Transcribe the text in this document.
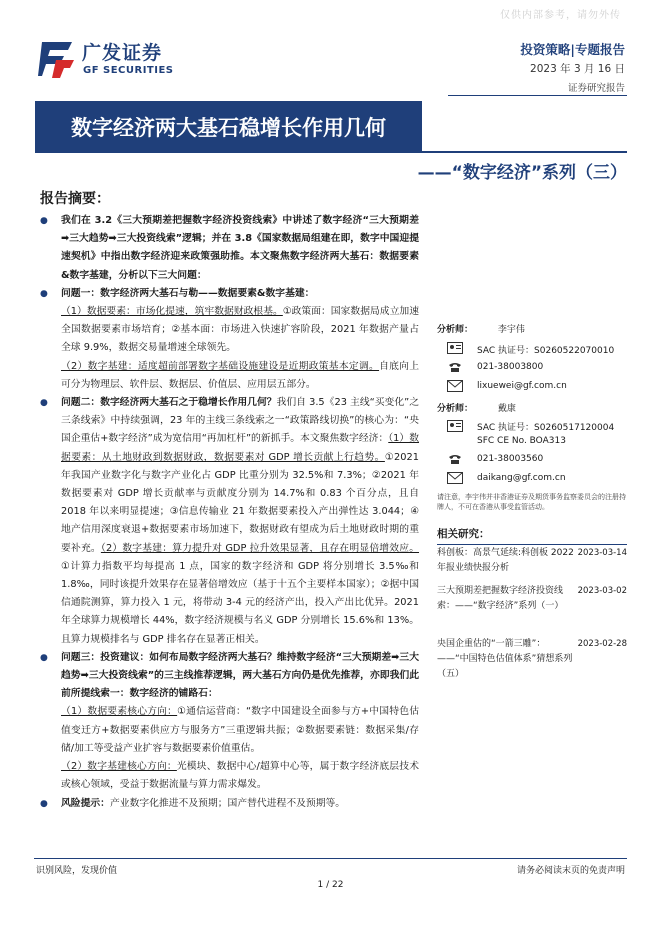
仅供内部参考，请勿外传
广发证券
GF SECURITIES
投资策略|专题报告
2023 年 3 月 16 日
证券研究报告
数字经济两大基石稳增长作用几何
——“数字经济”系列（三）
报告摘要：

● 我们在 3.2《三大预期差把握数字经济投资线索》中讲述了数字经济“三大预期差➡三大趋势➡三大投资线索”逻辑；并在 3.8《国家数据局组建在即，数字中国迎提速契机》中指出数字经济迎来政策强助推。本文聚焦数字经济两大基石：数据要素&数字基建，分析以下三大问题：

● 问题一：数字经济两大基石与勒——数据要素&数字基建：

（1）数据要素：市场化提速，筑牢数据财政根基。①政策面：国家数据局成立加速全国数据要素市场培育；②基本面：市场进入快速扩容阶段，2021 年数据产量占全球 9.9%，数据交易量增速全球领先。

（2）数字基建：适度超前部署数字基础设施建设是近期政策基本定调。自底向上可分为物理层、软件层、数据层、价值层、应用层五部分。

● 问题二：数字经济两大基石之于稳增长作用几何？我们自 3.5《23 主线“买变化”之三条线索》中持续强调，23 年的主线三条线索之一“政策路线切换”的核心为：“央国企重估+数字经济”成为宽信用“再加杠杆”的新抓手。本文聚焦数字经济：（1）数据要素：从土地财政到数据财政，数据要素对 GDP 增长贡献上行趋势。①2021 年我国产业数字化与数字产业化占 GDP 比重分别为 32.5%和 7.3%；②2021 年数据要素对 GDP 增长贡献率与贡献度分别为 14.7%和 0.83 个百分点，且自 2018 年以来明显提速；③信息传输业 21 年数据要素投入产出弹性达 3.044；④地产信用深度衰退+数据要素市场加速下，数据财政有望成为后土地财政时期的重要补充。（2）数字基建：算力提升对 GDP 拉升效果显著，且存在明显倍增效应。①计算力指数平均每提高 1 点，国家的数字经济和 GDP 将分别增长 3.5‰和 1.8‰，同时该提升效果存在显著倍增效应（基于十五个主要样本国家）；②据中国信通院测算，算力投入 1 元，将带动 3-4 元的经济产出，投入产出比优异。2021 年全球算力规模增长 44%，数字经济规模与名义 GDP 分别增长 15.6%和 13%。且算力规模排名与 GDP 排名存在显著正相关。

● 问题三：投资建议：如何布局数字经济两大基石？维持数字经济“三大预期差➡三大趋势➡三大投资线索”的三主线推荐逻辑，两大基石方向仍是优先推荐，亦即我们此前所提线索一：数字经济的铺路石：

（1）数据要素核心方向：①通信运营商：“数字中国建设全面参与方+中国特色估值变迁方+数据要素供应方与服务方”三重逻辑共振；②数据要素链：数据采集/存储/加工等受益产业扩容与数据要素价值重估。

（2）数字基建核心方向：光模块、数据中心/超算中心等，属于数字经济底层技术或核心领域，受益于数据流量与算力需求爆发。

● 风险提示：产业数字化推进不及预期；国产替代进程不及预期等。

分析师：	李宇伟
SAC 执证号：S0260522070010
021-38003800
lixuewei@gf.com.cn
分析师：	戴康
SAC 执证号：S0260517120004
SFC CE No. BOA313
021-38003560
daikang@gf.com.cn
请注意，李宇伟并非香港证券及期货事务监察委员会的注册持牌人，不可在香港从事受监管活动。
相关研究：
科创板：高景气延续:科创板 2022 年报业绩快报分析
2023-03-14
三大预期差把握数字经济投资线索：——“数字经济”系列（一）
2023-03-02
央国企重估的“一箭三雕”：——“中国特色估值体系”猜想系列（五）
2023-02-28
识别风险，发现价值	请务必阅读末页的免责声明
1 / 22
